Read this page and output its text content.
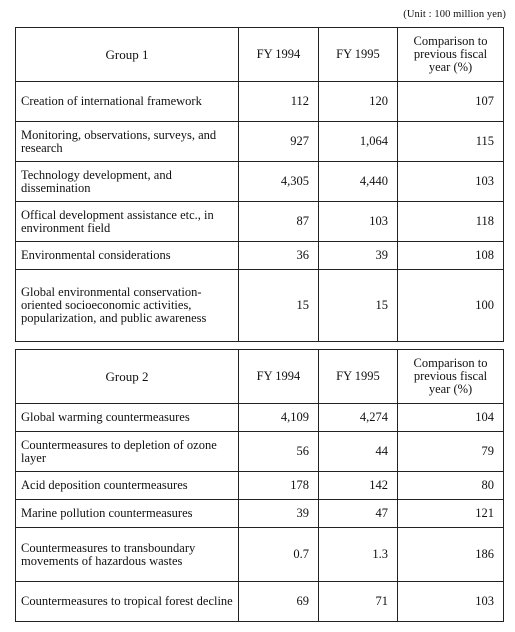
(Unit : 100 million yen)
Group 1	FY 1994	FY 1995	Comparison to previous fiscal year (%)
Creation of international framework	112	120	107
Monitoring, observations, surveys, and research	927	1,064	115
Technology development, and dissemination	4,305	4,440	103
Offical development assistance etc., in environment field	87	103	118
Environmental considerations	36	39	108
Global environmental conservation-oriented socioeconomic activities, popularization, and public awareness	15	15	100
Group 2	FY 1994	FY 1995	Comparison to previous fiscal year (%)
Global warming countermeasures	4,109	4,274	104
Countermeasures to depletion of ozone layer	56	44	79
Acid deposition countermeasures	178	142	80
Marine pollution countermeasures	39	47	121
Countermeasures to transboundary movements of hazardous wastes	0.7	1.3	186
Countermeasures to tropical forest decline	69	71	103
